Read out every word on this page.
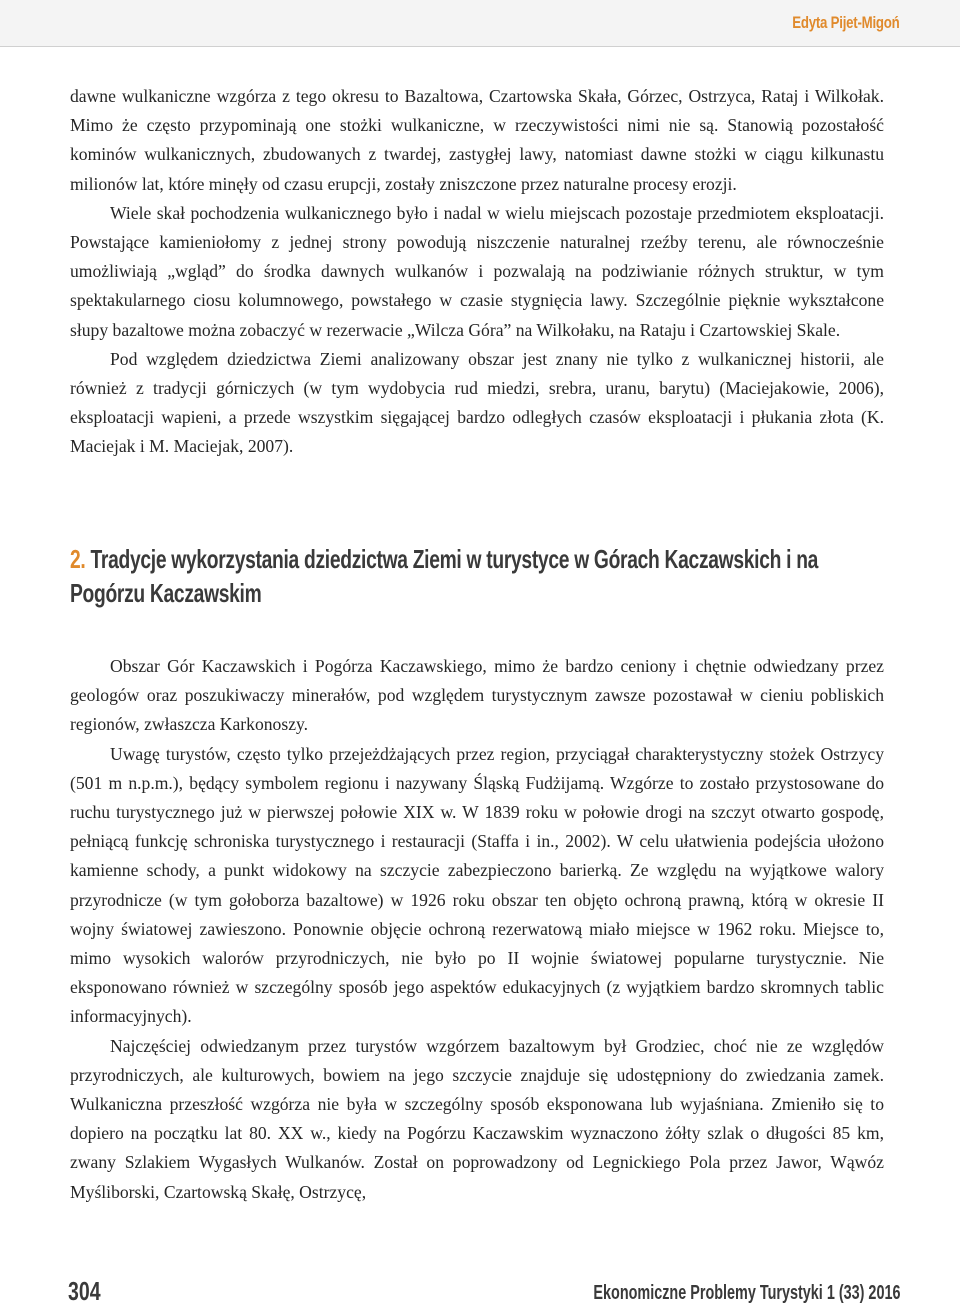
Edyta Pijet-Migoń

dawne wulkaniczne wzgórza z tego okresu to Bazaltowa, Czartowska Skała, Górzec, Ostrzyca, Rataj i Wilkołak. Mimo że często przypominają one stożki wulkaniczne, w rzeczywistości nimi nie są. Stanowią pozostałość kominów wulkanicznych, zbudowanych z twardej, zastygłej lawy, natomiast dawne stożki w ciągu kilkunastu milionów lat, które minęły od czasu erupcji, zostały zniszczone przez naturalne procesy erozji.

Wiele skał pochodzenia wulkanicznego było i nadal w wielu miejscach pozostaje przedmiotem eksploatacji. Powstające kamieniołomy z jednej strony powodują niszczenie naturalnej rzeźby terenu, ale równocześnie umożliwiają „wgląd” do środka dawnych wulkanów i pozwalają na podziwianie różnych struktur, w tym spektakularnego ciosu kolumnowego, powstałego w czasie stygnięcia lawy. Szczególnie pięknie wykształcone słupy bazaltowe można zobaczyć w rezerwacie „Wilcza Góra” na Wilkołaku, na Rataju i Czartowskiej Skale.

Pod względem dziedzictwa Ziemi analizowany obszar jest znany nie tylko z wulkanicznej historii, ale również z tradycji górniczych (w tym wydobycia rud miedzi, srebra, uranu, barytu) (Maciejakowie, 2006), eksploatacji wapieni, a przede wszystkim sięgającej bardzo odległych czasów eksploatacji i płukania złota (K. Maciejak i M. Maciejak, 2007).

2. Tradycje wykorzystania dziedzictwa Ziemi w turystyce w Górach Kaczawskich i na Pogórzu Kaczawskim

Obszar Gór Kaczawskich i Pogórza Kaczawskiego, mimo że bardzo ceniony i chętnie odwiedzany przez geologów oraz poszukiwaczy minerałów, pod względem turystycznym zawsze pozostawał w cieniu pobliskich regionów, zwłaszcza Karkonoszy.

Uwagę turystów, często tylko przejeżdżających przez region, przyciągał charakterystyczny stożek Ostrzycy (501 m n.p.m.), będący symbolem regionu i nazywany Śląską Fudżijamą. Wzgórze to zostało przystosowane do ruchu turystycznego już w pierwszej połowie XIX w. W 1839 roku w połowie drogi na szczyt otwarto gospodę, pełniącą funkcję schroniska turystycznego i restauracji (Staffa i in., 2002). W celu ułatwienia podejścia ułożono kamienne schody, a punkt widokowy na szczycie zabezpieczono barierką. Ze względu na wyjątkowe walory przyrodnicze (w tym gołoborza bazaltowe) w 1926 roku obszar ten objęto ochroną prawną, którą w okresie II wojny światowej zawieszono. Ponownie objęcie ochroną rezerwatową miało miejsce w 1962 roku. Miejsce to, mimo wysokich walorów przyrodniczych, nie było po II wojnie światowej popularne turystycznie. Nie eksponowano również w szczególny sposób jego aspektów edukacyjnych (z wyjątkiem bardzo skromnych tablic informacyjnych).

Najczęściej odwiedzanym przez turystów wzgórzem bazaltowym był Grodziec, choć nie ze względów przyrodniczych, ale kulturowych, bowiem na jego szczycie znajduje się udostępniony do zwiedzania zamek. Wulkaniczna przeszłość wzgórza nie była w szczególny sposób eksponowana lub wyjaśniana. Zmieniło się to dopiero na początku lat 80. XX w., kiedy na Pogórzu Kaczawskim wyznaczono żółty szlak o długości 85 km, zwany Szlakiem Wygasłych Wulkanów. Został on poprowadzony od Legnickiego Pola przez Jawor, Wąwóz Myśliborski, Czartowską Skałę, Ostrzycę,

304	Ekonomiczne Problemy Turystyki 1 (33) 2016
